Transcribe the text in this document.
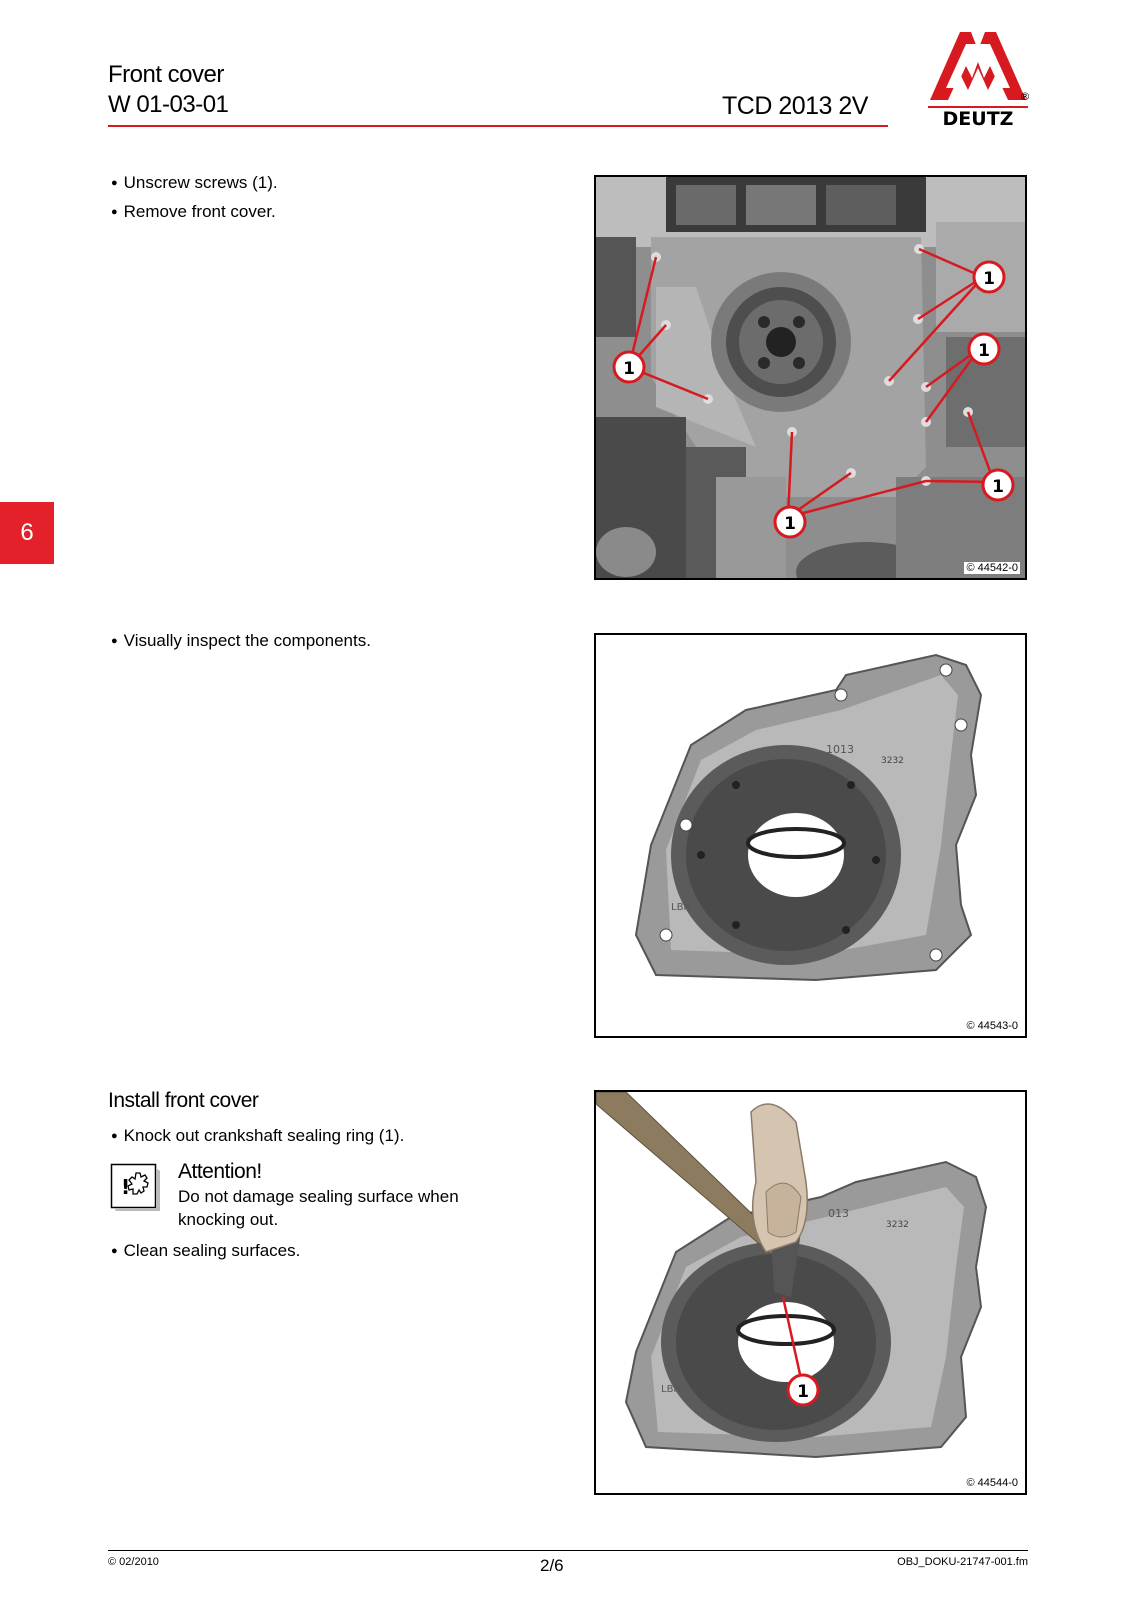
Front cover
W 01-03-01	TCD 2013 2V	DEUTZ
®
6
● Unscrew screws (1).
● Remove front cover.
● Visually inspect the components.
Install front cover
● Knock out crankshaft sealing ring (1).
!
Attention!
Do not damage sealing surface when knocking out.
● Clean sealing surfaces.
1
1
1
1
1
© 44542-0
1013
3232
LBH
© 44543-0
013
3232
LBH	1
© 44544-0
© 02/2010	2/6	OBJ_DOKU-21747-001.fm
